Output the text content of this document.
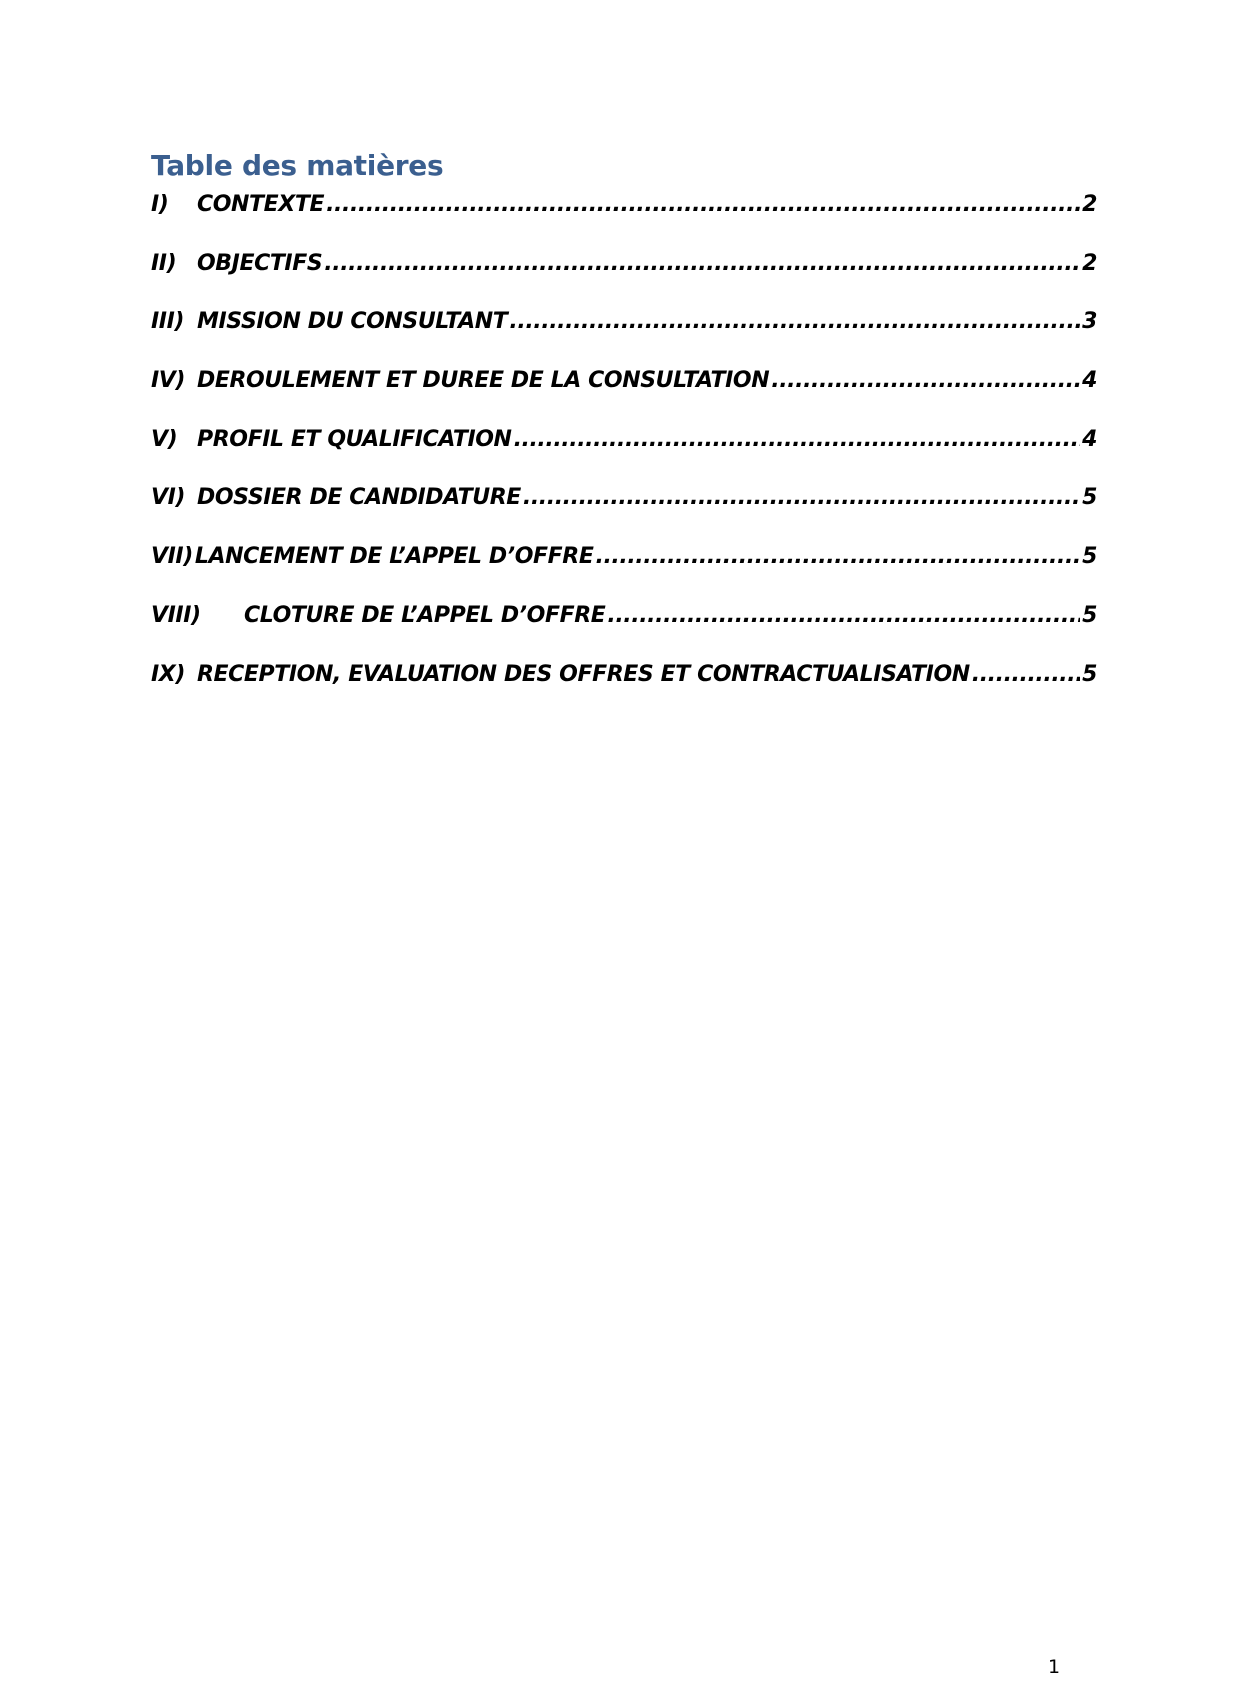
Table des matières
I)	CONTEXTE .....	2
II) OBJECTIFS .....	2
III) MISSION DU CONSULTANT .....	3
IV) DEROULEMENT ET DUREE DE LA CONSULTATION .....	4
V) PROFIL ET QUALIFICATION .....	4
VI) DOSSIER DE CANDIDATURE .....	5
VII) LANCEMENT DE L’APPEL D’OFFRE .....	5
VIII)	CLOTURE DE L’APPEL D’OFFRE .....	5
IX) RECEPTION, EVALUATION DES OFFRES ET CONTRACTUALISATION .....	5
1
